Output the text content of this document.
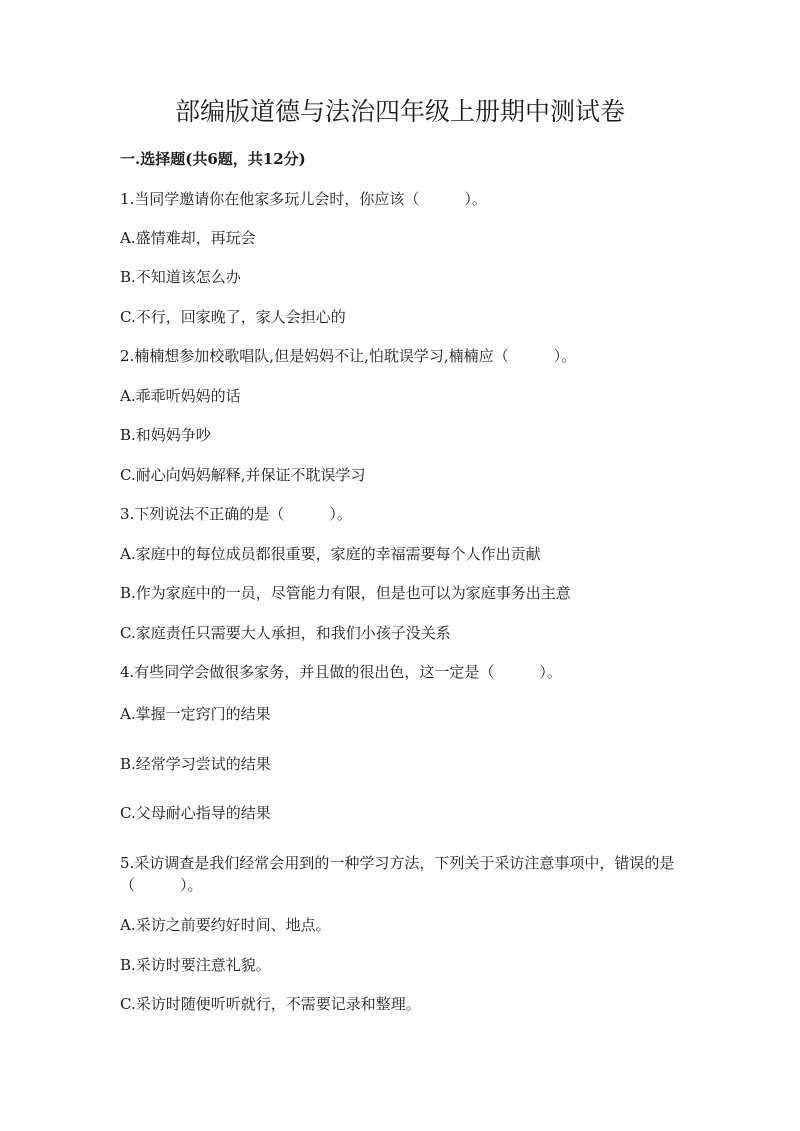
部编版道德与法治四年级上册期中测试卷
一.选择题(共6题，共12分)
1.当同学邀请你在他家多玩儿会时，你应该（　　　）。
A.盛情难却，再玩会
B.不知道该怎么办
C.不行，回家晚了，家人会担心的
2.楠楠想参加校歌唱队,但是妈妈不让,怕耽误学习,楠楠应（　　　）。
A.乖乖听妈妈的话
B.和妈妈争吵
C.耐心向妈妈解释,并保证不耽误学习
3.下列说法不正确的是（　　　）。
A.家庭中的每位成员都很重要，家庭的幸福需要每个人作出贡献
B.作为家庭中的一员，尽管能力有限，但是也可以为家庭事务出主意
C.家庭责任只需要大人承担，和我们小孩子没关系
4.有些同学会做很多家务，并且做的很出色，这一定是（　　　）。
A.掌握一定窍门的结果
B.经常学习尝试的结果
C.父母耐心指导的结果
5.采访调查是我们经常会用到的一种学习方法，下列关于采访注意事项中，错误的是（　　　）。
A.采访之前要约好时间、地点。
B.采访时要注意礼貌。
C.采访时随便听听就行，不需要记录和整理。
